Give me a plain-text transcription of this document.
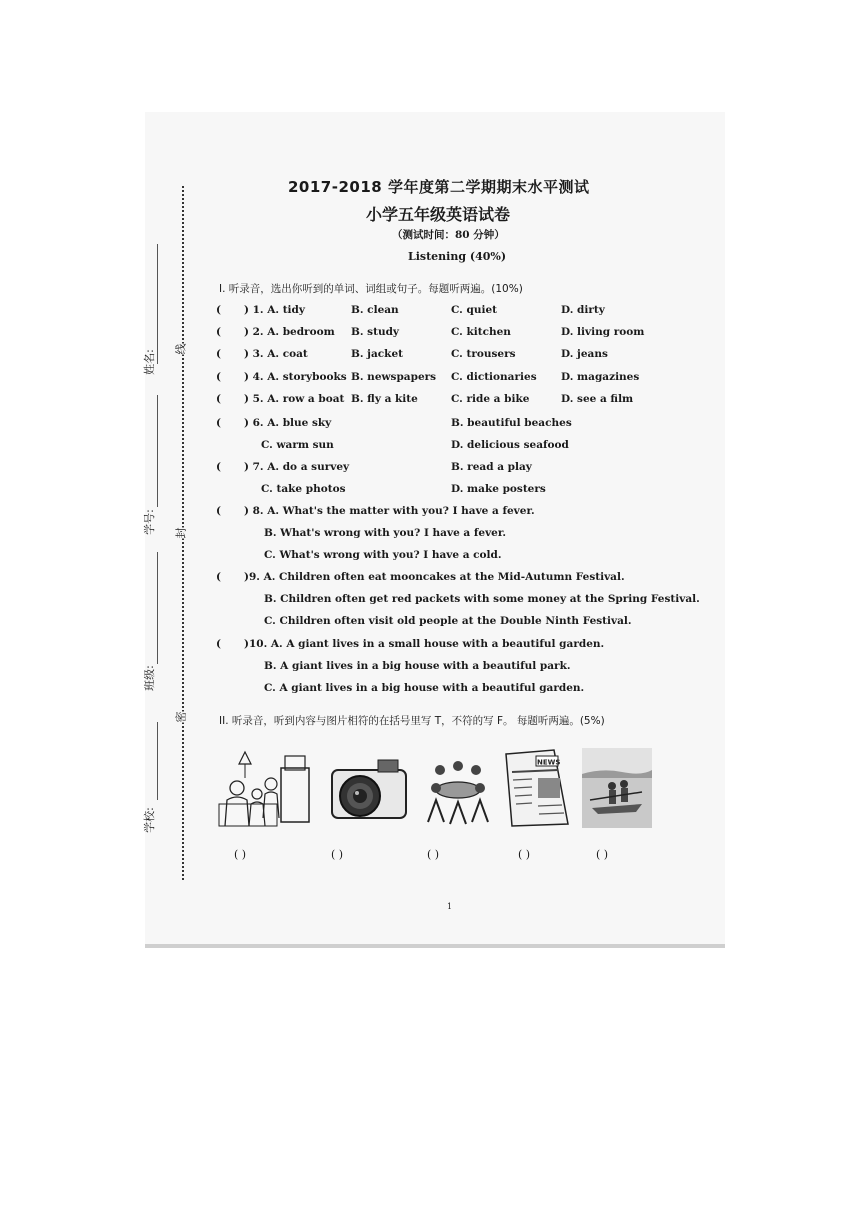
姓名:
学号:
班级:
学校:
线
封
密
2017-2018 学年度第二学期期末水平测试
小学五年级英语试卷
（测试时间：80 分钟）
Listening (40%)
I. 听录音，选出你听到的单词、词组或句子。每题听两遍。(10%)
( ) 1. A. tidy	B. clean	C. quiet	D. dirty
( ) 2. A. bedroom B. study	C. kitchen	D. living room
( ) 3. A. coat	B. jacket	C. trousers	D. jeans
( ) 4. A. storybooks B. newspapers C. dictionaries D. magazines
( ) 5. A. row a boat B. fly a kite	C. ride a bike	D. see a film
( ) 6. A. blue sky	B. beautiful beaches
C. warm sun	D. delicious seafood
( ) 7. A. do a survey	B. read a play
C. take photos	D. make posters
( ) 8. A. What's the matter with you? I have a fever.
B. What's wrong with you? I have a fever.
C. What's wrong with you? I have a cold.
( )9. A. Children often eat mooncakes at the Mid-Autumn Festival.
B. Children often get red packets with some money at the Spring Festival.
C. Children often visit old people at the Double Ninth Festival.
( )10. A. A giant lives in a small house with a beautiful garden.
B. A giant lives in a big house with a beautiful park.
C. A giant lives in a big house with a beautiful garden.
II. 听录音，听到内容与图片相符的在括号里写 T，不符的写 F。 每题听两遍。(5%)
NEWS
( )	( )	( )	( )	( )
1
